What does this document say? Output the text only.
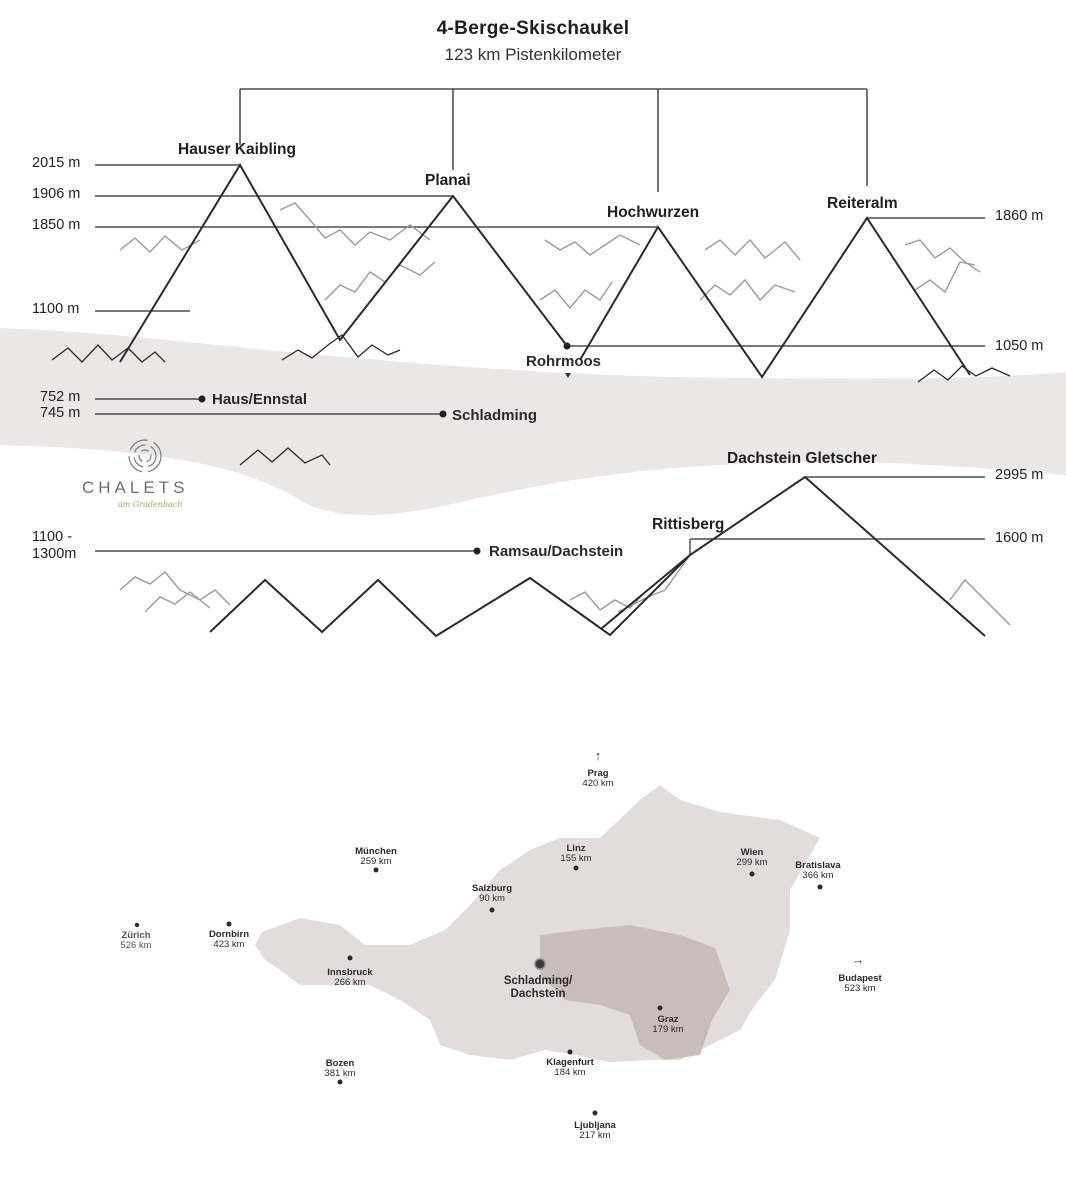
4-Berge-Skischaukel
123 km Pistenkilometer
2015 m
1906 m
1850 m
1860 m
1100 m
1050 m
752 m
745 m
2995 m
1100 -
1300m
1600 m
Hauser Kaibling
Planai
Hochwurzen
Reiteralm
Dachstein Gletscher
Rittisberg
Rohrmoos
Haus/Ennstal
Schladming
Ramsau/Dachstein
CHALETS
am Gradenbach
↑
Prag
420 km
München
259 km
Linz
155 km
Wien
299 km	Bratislava
366 km
Salzburg
90 km
Zürich
526 km
Dornbirn
423 km
Innsbruck
266 km	Schladming/
Dachstein
→
Budapest
523 km
Graz
179 km
Bozen
381 km
Klagenfurt
184 km
Ljubljana
217 km
